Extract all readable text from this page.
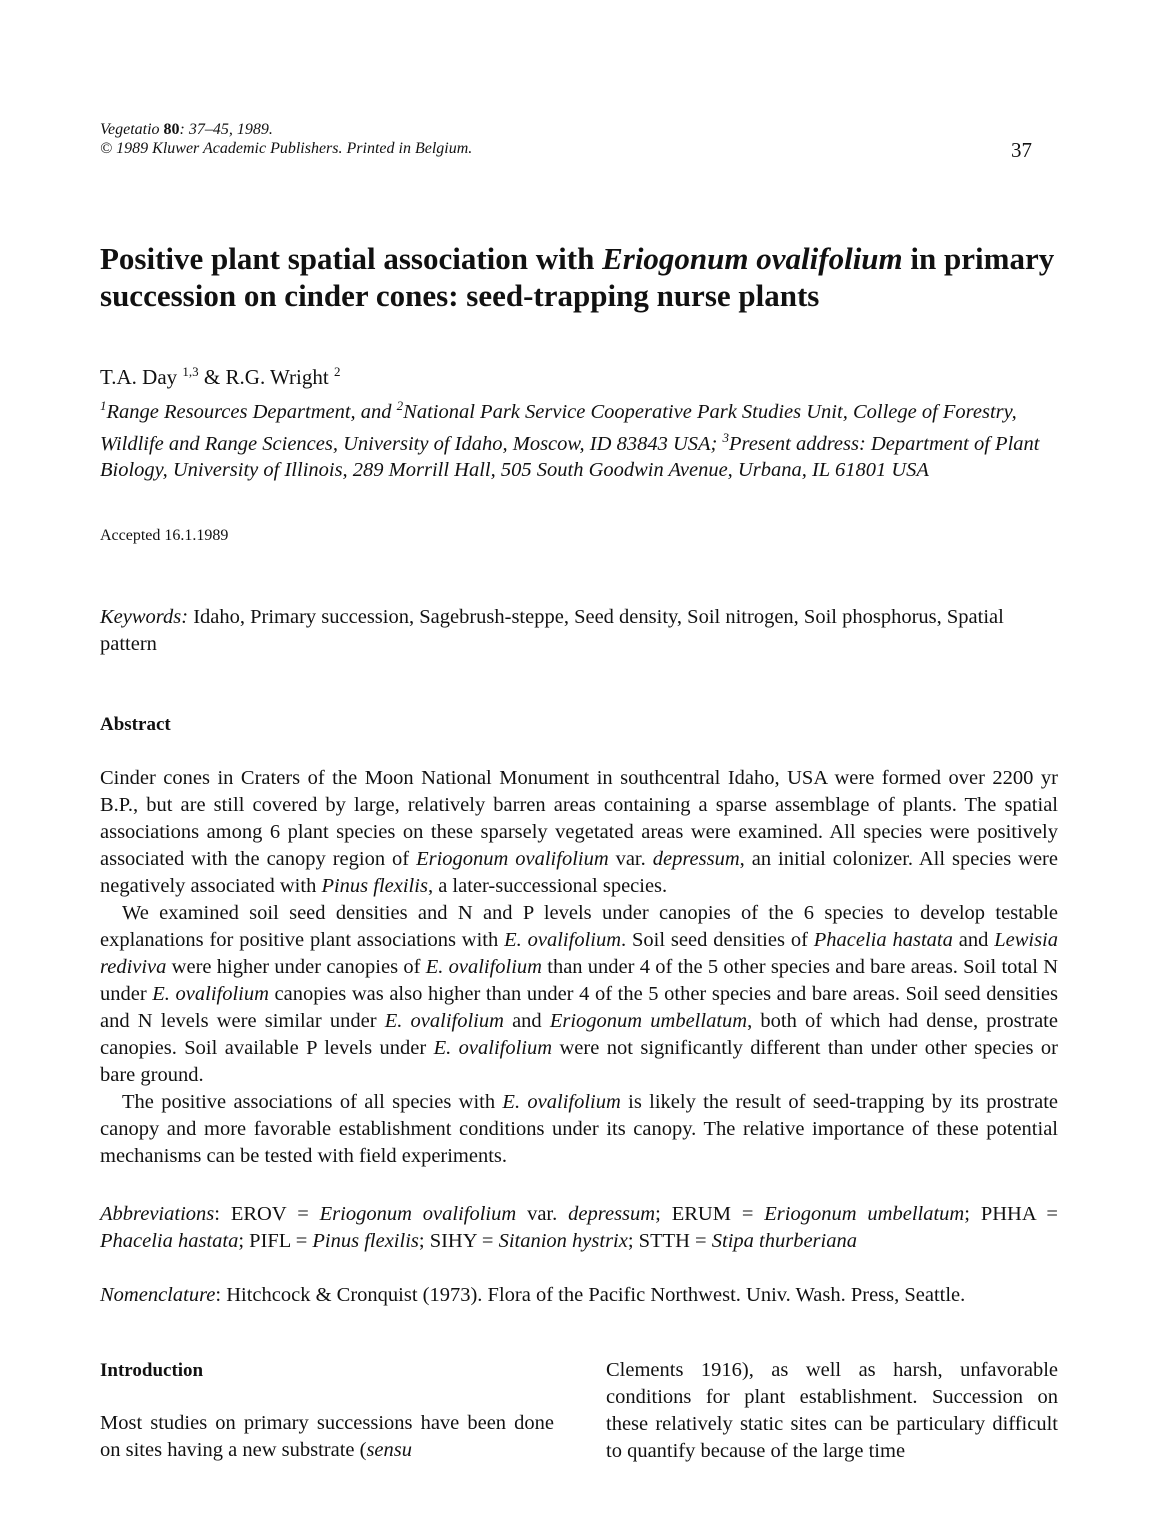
Vegetatio 80: 37–45, 1989.
© 1989 Kluwer Academic Publishers. Printed in Belgium.	37
Positive plant spatial association with Eriogonum ovalifolium in primary succession on cinder cones: seed-trapping nurse plants
T.A. Day $^{1,3}$ & R.G. Wright $^2$
$^1$Range Resources Department, and $^2$National Park Service Cooperative Park Studies Unit, College of Forestry, Wildlife and Range Sciences, University of Idaho, Moscow, ID 83843 USA; $^3$Present address: Department of Plant Biology, University of Illinois, 289 Morrill Hall, 505 South Goodwin Avenue, Urbana, IL 61801 USA
Accepted 16.1.1989
Keywords: Idaho, Primary succession, Sagebrush-steppe, Seed density, Soil nitrogen, Soil phosphorus, Spatial pattern
Abstract

Cinder cones in Craters of the Moon National Monument in southcentral Idaho, USA were formed over 2200 yr B.P., but are still covered by large, relatively barren areas containing a sparse assemblage of plants. The spatial associations among 6 plant species on these sparsely vegetated areas were examined. All species were positively associated with the canopy region of Eriogonum ovalifolium var. depressum, an initial colonizer. All species were negatively associated with Pinus flexilis, a later-successional species.

We examined soil seed densities and N and P levels under canopies of the 6 species to develop testable explanations for positive plant associations with E. ovalifolium. Soil seed densities of Phacelia hastata and Lewisia rediviva were higher under canopies of E. ovalifolium than under 4 of the 5 other species and bare areas. Soil total N under E. ovalifolium canopies was also higher than under 4 of the 5 other species and bare areas. Soil seed densities and N levels were similar under E. ovalifolium and Eriogonum umbellatum, both of which had dense, prostrate canopies. Soil available P levels under E. ovalifolium were not significantly different than under other species or bare ground.

The positive associations of all species with E. ovalifolium is likely the result of seed-trapping by its prostrate canopy and more favorable establishment conditions under its canopy. The relative importance of these potential mechanisms can be tested with field experiments.

Abbreviations: EROV = Eriogonum ovalifolium var. depressum; ERUM = Eriogonum umbellatum; PHHA = Phacelia hastata; PIFL = Pinus flexilis; SIHY = Sitanion hystrix; STTH = Stipa thurberiana
Nomenclature: Hitchcock & Cronquist (1973). Flora of the Pacific Northwest. Univ. Wash. Press, Seattle.
Introduction
Most studies on primary successions have been done on sites having a new substrate (sensu
Clements 1916), as well as harsh, unfavorable conditions for plant establishment. Succession on these relatively static sites can be particulary difficult to quantify because of the large time
